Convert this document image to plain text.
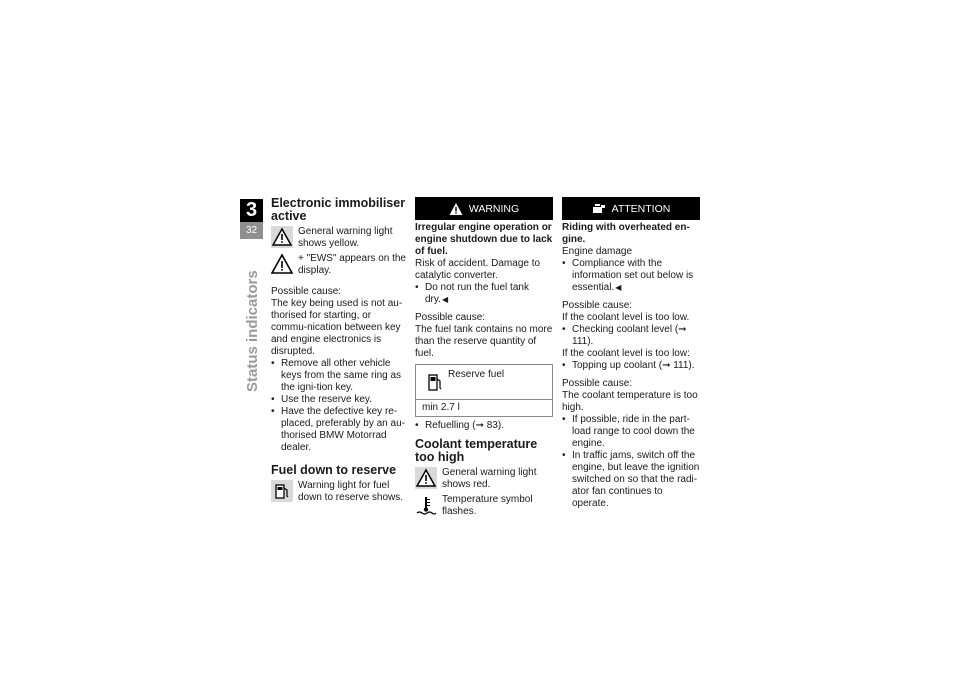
3
32
Status indicators
Electronic immobiliser active
General warning light shows yellow.
+ "EWS" appears on the display.

Possible cause:

The key being used is not au-thorised for starting, or commu-nication between key and engine electronics is disrupted.

• Remove all other vehicle keys from the same ring as the igni-tion key.
• Use the reserve key.
• Have the defective key re-placed, preferably by an au-thorised BMW Motorrad dealer.
Fuel down to reserve
Warning light for fuel down to reserve shows.
WARNING

Irregular engine operation or engine shutdown due to lack of fuel.

Risk of accident. Damage to catalytic converter.

• Do not run the fuel tank dry. ◀

Possible cause:

The fuel tank contains no more than the reserve quantity of fuel.

Reserve fuel
min 2.7 l
• Refuelling (➞ 83).
Coolant temperature too high
General warning light shows red.
Temperature symbol flashes.
ATTENTION

Riding with overheated en-gine.

Engine damage

• Compliance with the information set out below is essential. ◀

Possible cause:

If the coolant level is too low.

• Checking coolant level (➞ 111).

If the coolant level is too low:

• Topping up coolant (➞ 111).

Possible cause:

The coolant temperature is too high.

• If possible, ride in the part-load range to cool down the engine.
• In traffic jams, switch off the engine, but leave the ignition switched on so that the radi-ator fan continues to operate.
